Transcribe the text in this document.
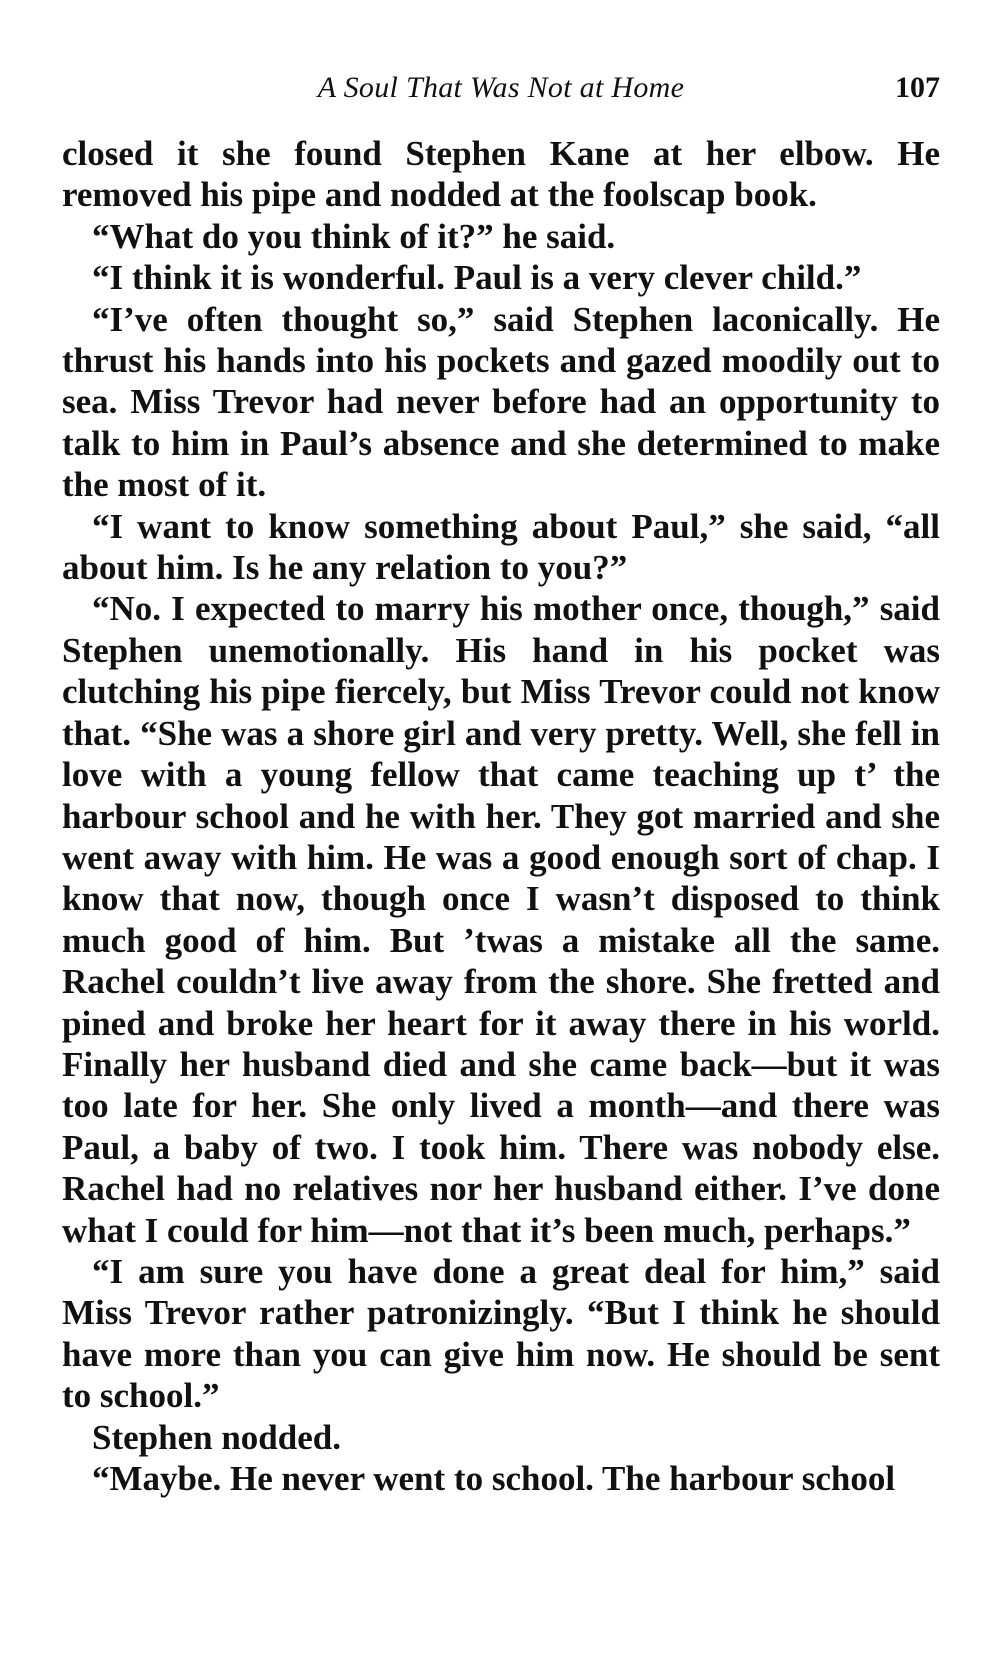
A Soul That Was Not at Home	107

closed it she found Stephen Kane at her elbow. He removed his pipe and nodded at the foolscap book.

“What do you think of it?” he said.

“I think it is wonderful. Paul is a very clever child.”

“I’ve often thought so,” said Stephen laconically. He thrust his hands into his pockets and gazed moodily out to sea. Miss Trevor had never before had an opportunity to talk to him in Paul’s absence and she determined to make the most of it.

“I want to know something about Paul,” she said, “all about him. Is he any relation to you?”

“No. I expected to marry his mother once, though,” said Stephen unemotionally. His hand in his pocket was clutching his pipe fiercely, but Miss Trevor could not know that. “She was a shore girl and very pretty. Well, she fell in love with a young fellow that came teaching up t’ the harbour school and he with her. They got married and she went away with him. He was a good enough sort of chap. I know that now, though once I wasn’t disposed to think much good of him. But ’twas a mistake all the same. Rachel couldn’t live away from the shore. She fretted and pined and broke her heart for it away there in his world. Finally her husband died and she came back—but it was too late for her. She only lived a month—and there was Paul, a baby of two. I took him. There was nobody else. Rachel had no relatives nor her husband either. I’ve done what I could for him—not that it’s been much, perhaps.”

“I am sure you have done a great deal for him,” said Miss Trevor rather patronizingly. “But I think he should have more than you can give him now. He should be sent to school.”

Stephen nodded.

“Maybe. He never went to school. The harbour school
